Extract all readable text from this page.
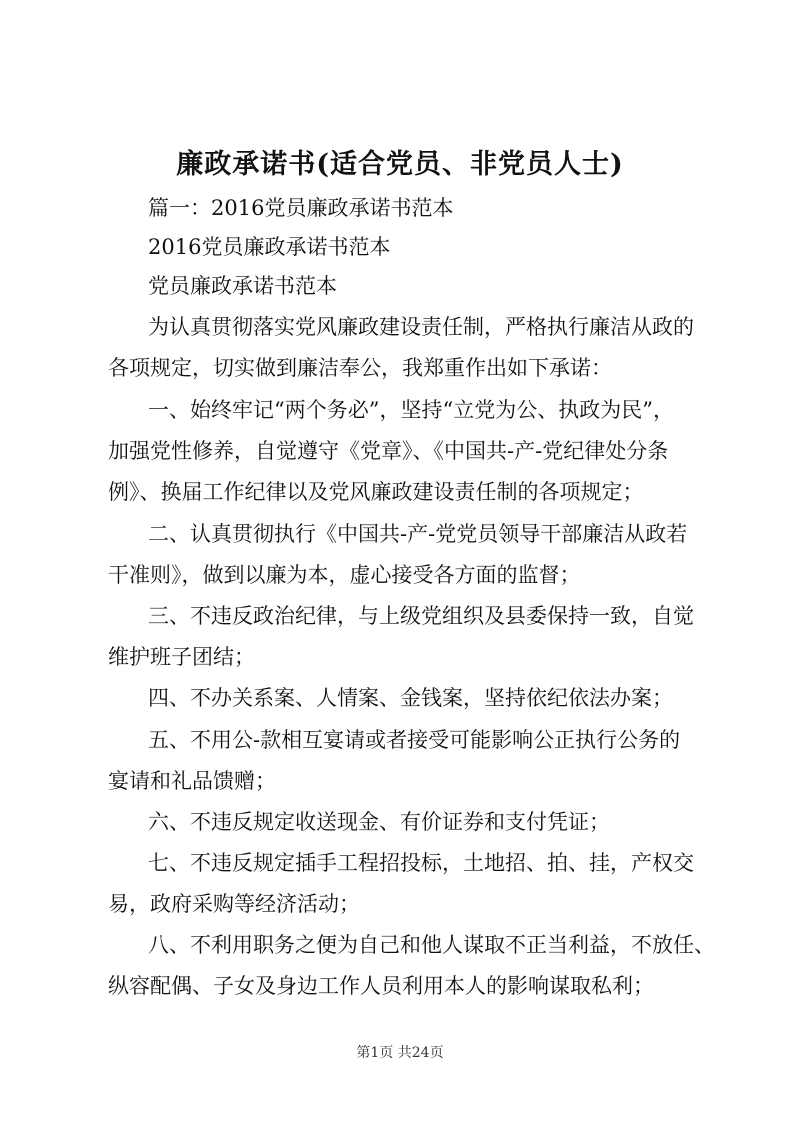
廉政承诺书(适合党员、非党员人士)
篇一：2016党员廉政承诺书范本
2016党员廉政承诺书范本
党员廉政承诺书范本
为认真贯彻落实党风廉政建设责任制，严格执行廉洁从政的
各项规定，切实做到廉洁奉公，我郑重作出如下承诺：
一、始终牢记“两个务必”，坚持“立党为公、执政为民”，
加强党性修养，自觉遵守《党章》、《中国共-产-党纪律处分条
例》、换届工作纪律以及党风廉政建设责任制的各项规定；
二、认真贯彻执行《中国共-产-党党员领导干部廉洁从政若
干准则》，做到以廉为本，虚心接受各方面的监督；
三、不违反政治纪律，与上级党组织及县委保持一致，自觉
维护班子团结；
四、不办关系案、人情案、金钱案，坚持依纪依法办案；
五、不用公-款相互宴请或者接受可能影响公正执行公务的
宴请和礼品馈赠；
六、不违反规定收送现金、有价证券和支付凭证；
七、不违反规定插手工程招投标，土地招、拍、挂，产权交
易，政府采购等经济活动；
八、不利用职务之便为自己和他人谋取不正当利益，不放任、
纵容配偶、子女及身边工作人员利用本人的影响谋取私利；
第1页 共24页
